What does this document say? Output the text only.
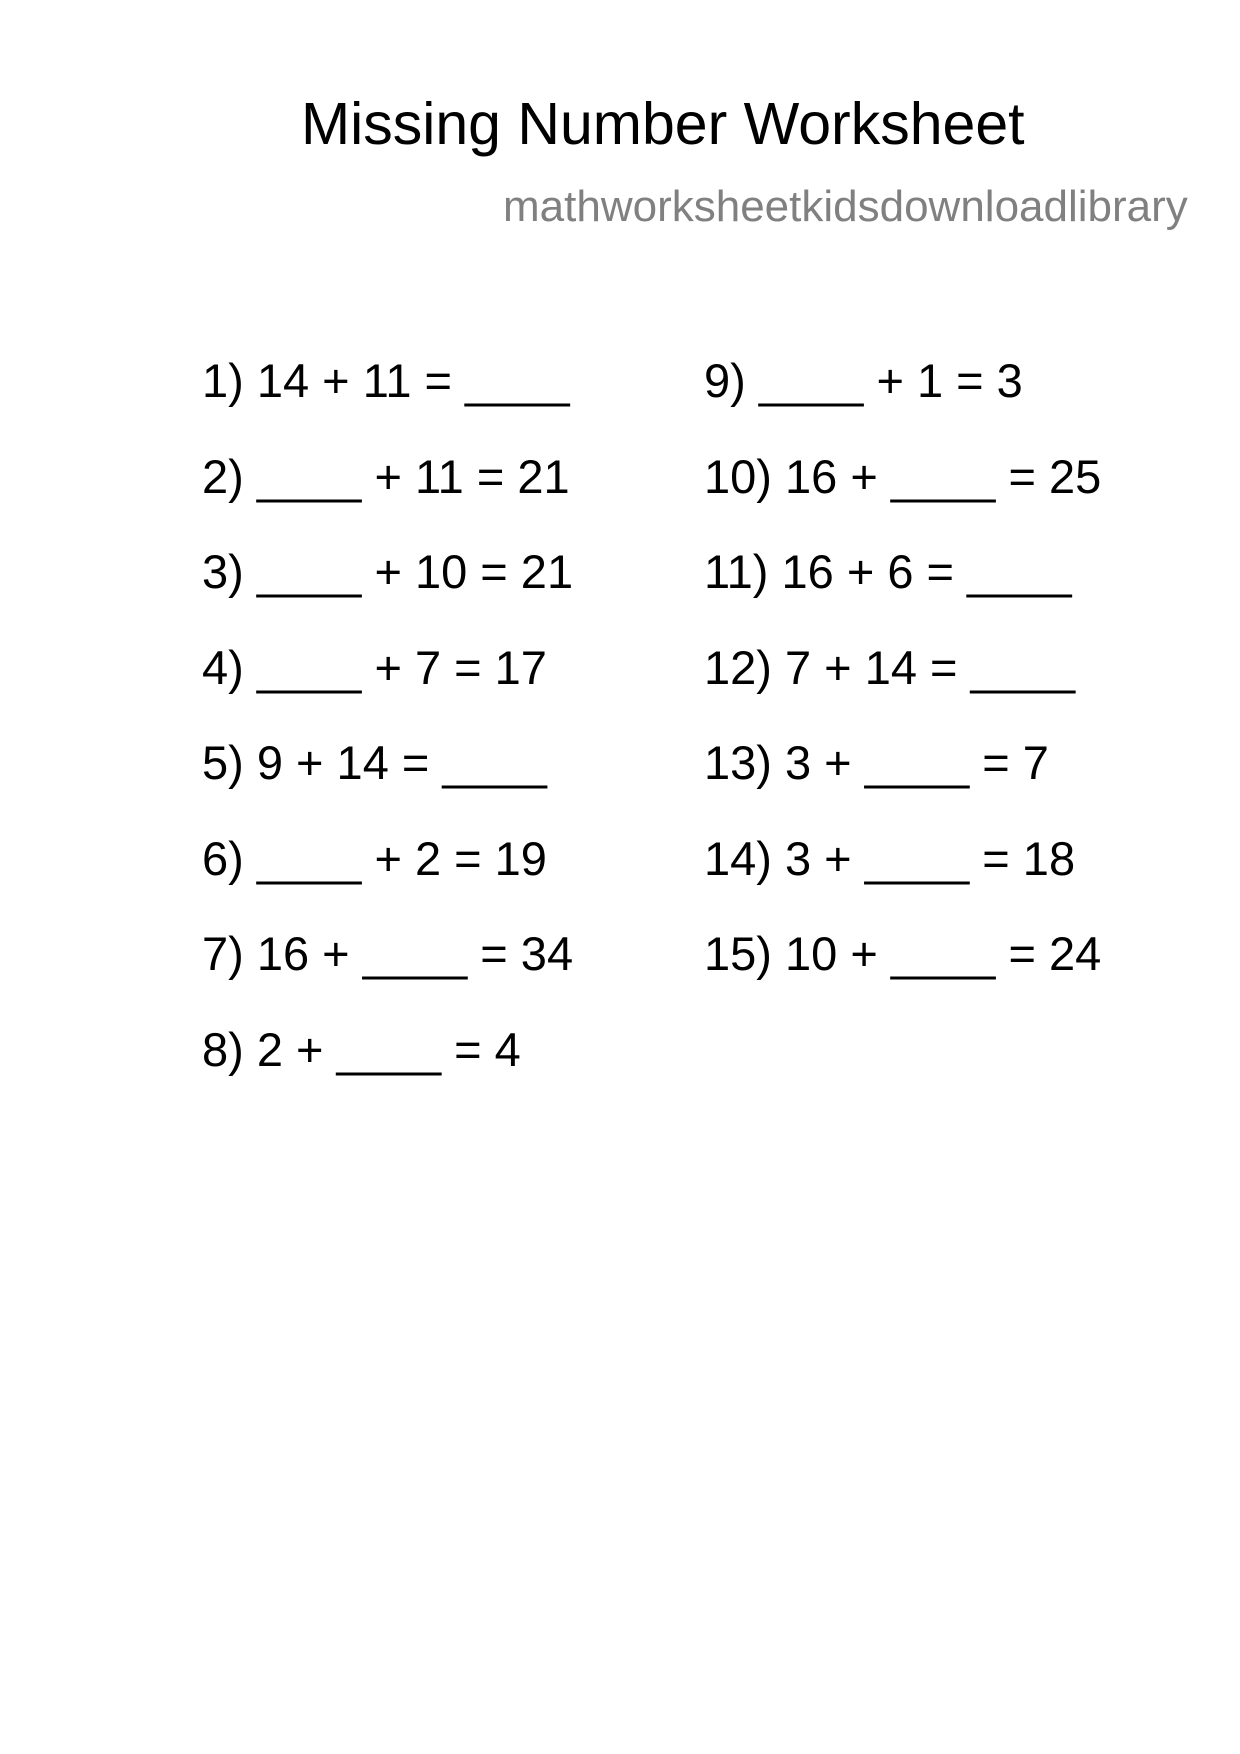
Missing Number Worksheet
mathworksheetkidsdownloadlibrary
1) 14 + 11 = ____
2) ____ + 11 = 21
3) ____ + 10 = 21
4) ____ + 7 = 17
5) 9 + 14 = ____
6) ____ + 2 = 19
7) 16 + ____ = 34
8) 2 + ____ = 4
9) ____ + 1 = 3
10) 16 + ____ = 25
11) 16 + 6 = ____
12) 7 + 14 = ____
13) 3 + ____ = 7
14) 3 + ____ = 18
15) 10 + ____ = 24
